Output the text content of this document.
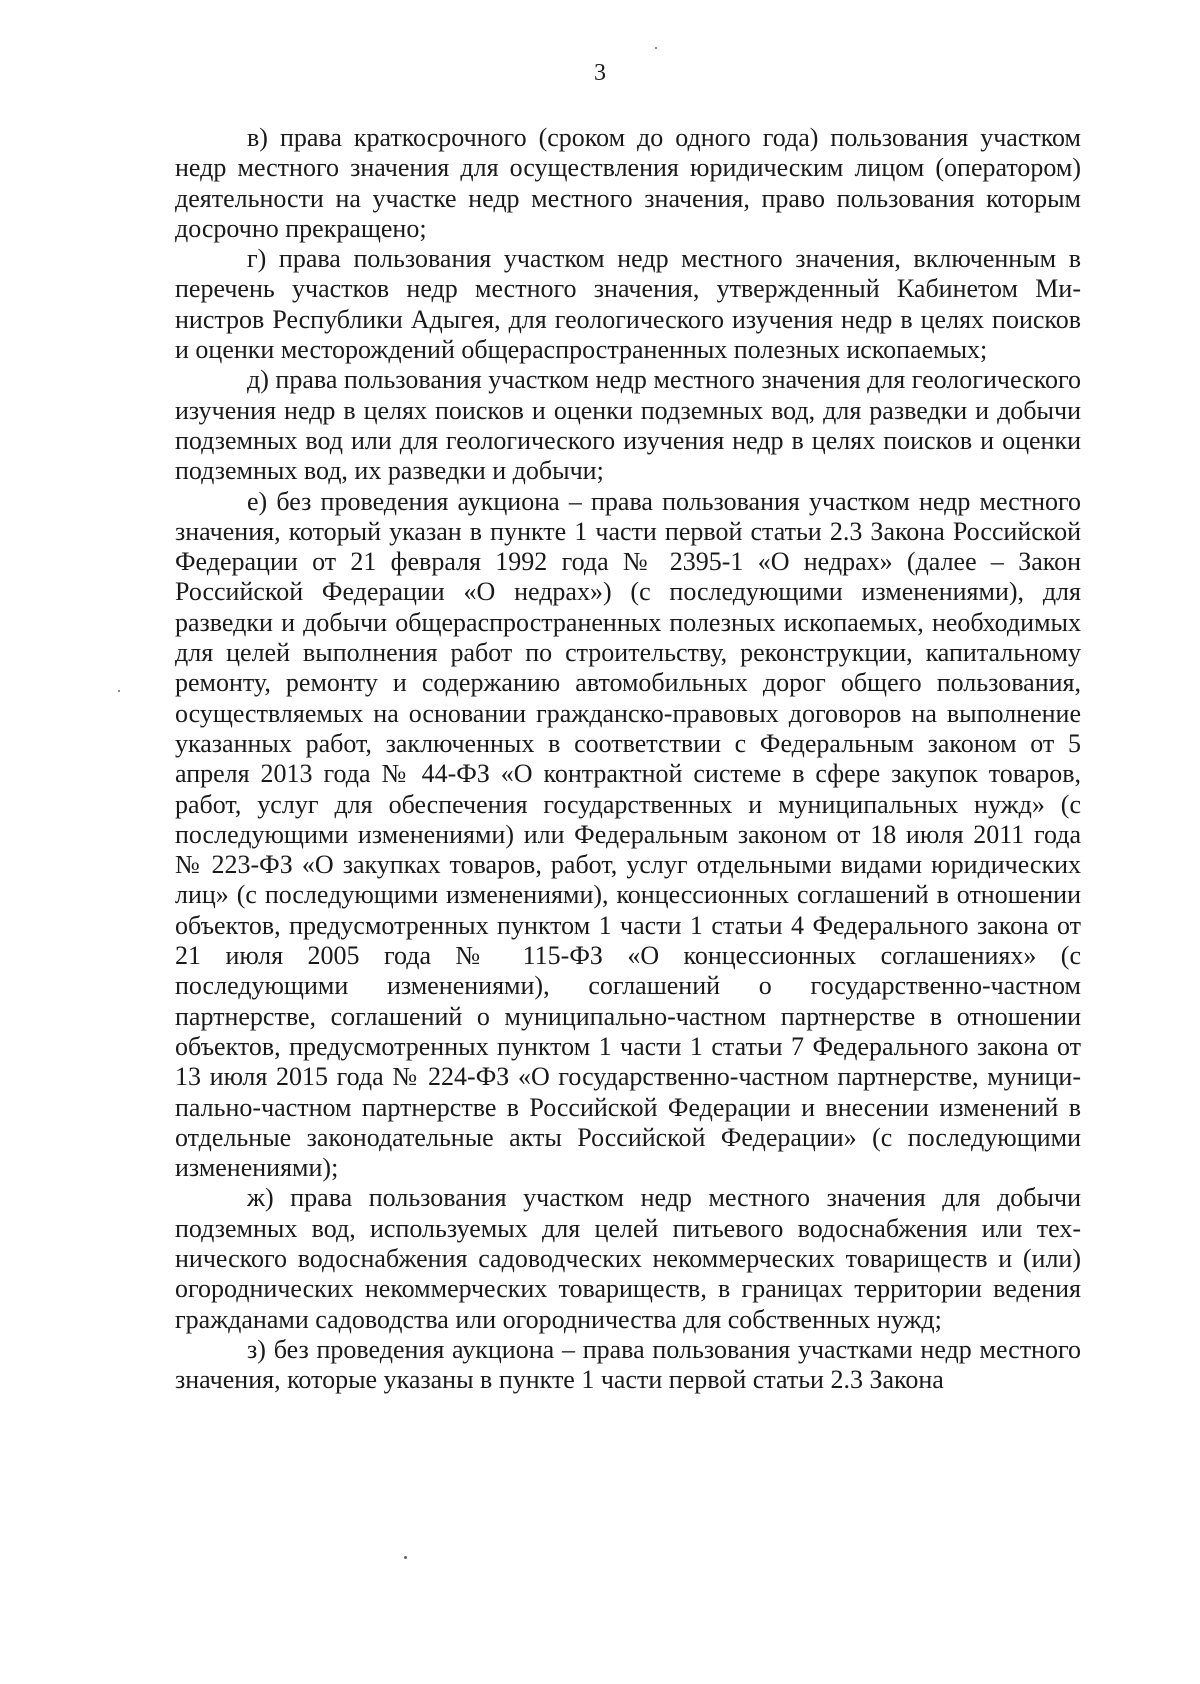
3

в) права краткосрочного (сроком до одного года) пользования участком недр местного значения для осуществления юридическим лицом (оператором) деятельности на участке недр местного значения, право пользования которым досрочно прекращено;

г) права пользования участком недр местного значения, включенным в перечень участков недр местного значения, утвержденный Кабинетом Министров Республики Адыгея, для геологического изучения недр в целях поисков и оценки месторождений общераспространенных полезных ископаемых;

д) права пользования участком недр местного значения для геологического изучения недр в целях поисков и оценки подземных вод, для разведки и добычи подземных вод или для геологического изучения недр в целях поисков и оценки подземных вод, их разведки и добычи;

е) без проведения аукциона – права пользования участком недр местного значения, который указан в пункте 1 части первой статьи 2.3 Закона Российской Федерации от 21 февраля 1992 года № 2395-1 «О недрах» (далее – Закон Российской Федерации «О недрах») (с последующими изменениями), для разведки и добычи общераспространенных полезных ископаемых, необходимых для целей выполнения работ по строительству, реконструкции, капитальному ремонту, ремонту и содержанию автомобильных дорог общего пользования, осуществляемых на основании гражданско-правовых договоров на выполнение указанных работ, заключенных в соответствии с Федеральным законом от 5 апреля 2013 года № 44-ФЗ «О контрактной системе в сфере закупок товаров, работ, услуг для обеспечения государственных и муниципальных нужд» (с последующими изменениями) или Федеральным законом от 18 июля 2011 года № 223-ФЗ «О закупках товаров, работ, услуг отдельными видами юридических лиц» (с последующими изменениями), концессионных соглашений в отношении объектов, предусмотренных пунктом 1 части 1 статьи 4 Федерального закона от 21 июля 2005 года № 115-ФЗ «О концессионных соглашениях» (с последующими изменениями), соглашений о государственно-частном партнерстве, соглашений о муниципально-частном партнерстве в отношении объектов, предусмотренных пунктом 1 части 1 статьи 7 Федерального закона от 13 июля 2015 года № 224-ФЗ «О государственно-частном партнерстве, муниципально-частном партнерстве в Российской Федерации и внесении изменений в отдельные законодательные акты Российской Федерации» (с последующими изменениями);

ж) права пользования участком недр местного значения для добычи подземных вод, используемых для целей питьевого водоснабжения или технического водоснабжения садоводческих некоммерческих товариществ и (или) огороднических некоммерческих товариществ, в границах территории ведения гражданами садоводства или огородничества для собственных нужд;

з) без проведения аукциона – права пользования участками недр местного значения, которые указаны в пункте 1 части первой статьи 2.3 Закона
